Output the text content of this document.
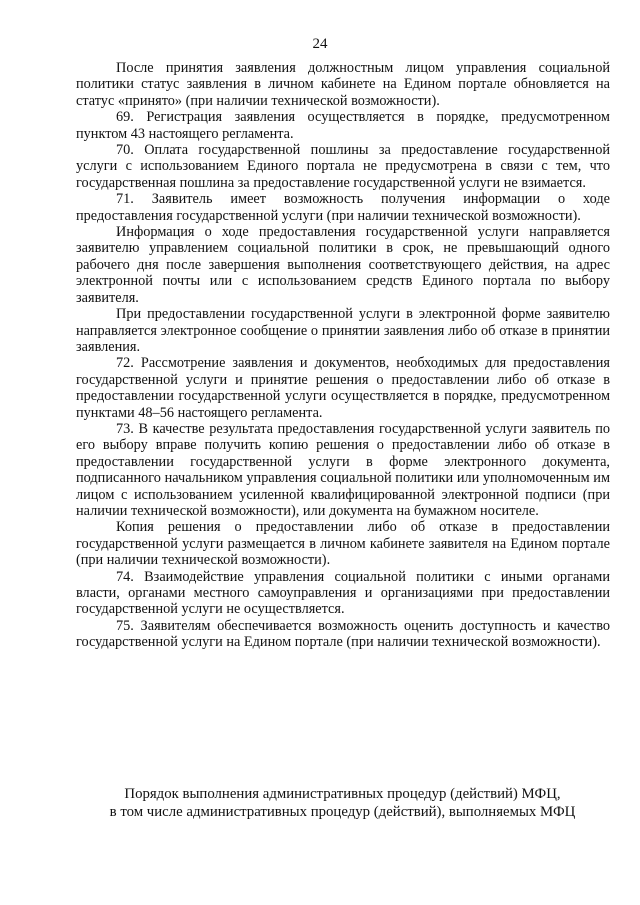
24

После принятия заявления должностным лицом управления социальной политики статус заявления в личном кабинете на Едином портале обновляется на статус «принято» (при наличии технической возможности).

69. Регистрация заявления осуществляется в порядке, предусмотренном пунктом 43 настоящего регламента.

70. Оплата государственной пошлины за предоставление государственной услуги с использованием Единого портала не предусмотрена в связи с тем, что государственная пошлина за предоставление государственной услуги не взимается.

71. Заявитель имеет возможность получения информации о ходе предоставления государственной услуги (при наличии технической возможности).

Информация о ходе предоставления государственной услуги направляется заявителю управлением социальной политики в срок, не превышающий одного рабочего дня после завершения выполнения соответствующего действия, на адрес электронной почты или с использованием средств Единого портала по выбору заявителя.

При предоставлении государственной услуги в электронной форме заявителю направляется электронное сообщение о принятии заявления либо об отказе в принятии заявления.

72. Рассмотрение заявления и документов, необходимых для предоставления государственной услуги и принятие решения о предоставлении либо об отказе в предоставлении государственной услуги осуществляется в порядке, предусмотренном пунктами 48–56 настоящего регламента.

73. В качестве результата предоставления государственной услуги заявитель по его выбору вправе получить копию решения о предоставлении либо об отказе в предоставлении государственной услуги в форме электронного документа, подписанного начальником управления социальной политики или уполномоченным им лицом с использованием усиленной квалифицированной электронной подписи (при наличии технической возможности), или документа на бумажном носителе.

Копия решения о предоставлении либо об отказе в предоставлении государственной услуги размещается в личном кабинете заявителя на Едином портале (при наличии технической возможности).

74. Взаимодействие управления социальной политики с иными органами власти, органами местного самоуправления и организациями при предоставлении государственной услуги не осуществляется.

75. Заявителям обеспечивается возможность оценить доступность и качество государственной услуги на Едином портале (при наличии технической возможности).

Порядок выполнения административных процедур (действий) МФЦ,
в том числе административных процедур (действий), выполняемых МФЦ
